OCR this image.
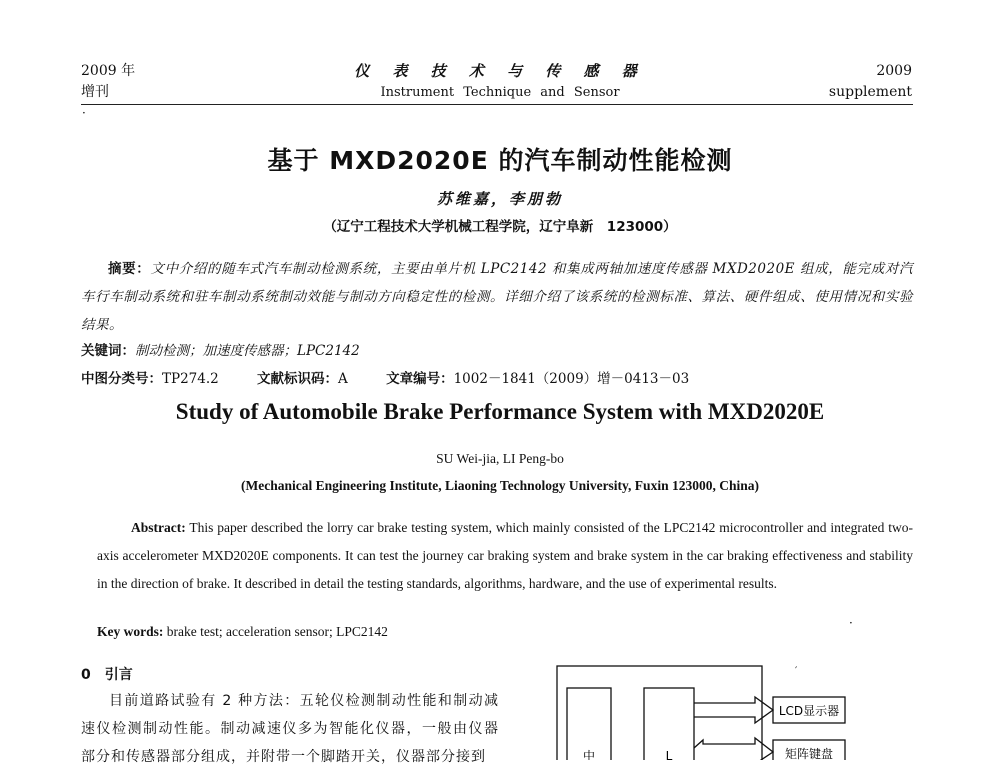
2009 年
增刊
仪 表 技 术 与 传 感 器
Instrument Technique and Sensor
2009
supplement
·
基于 MXD2020E 的汽车制动性能检测
苏维嘉，李朋勃
（辽宁工程技术大学机械工程学院，辽宁阜新　123000）

摘要：文中介绍的随车式汽车制动检测系统，主要由单片机 LPC2142 和集成两轴加速度传感器 MXD2020E 组成，能完成对汽车行车制动系统和驻车制动系统制动效能与制动方向稳定性的检测。详细介绍了该系统的检测标准、算法、硬件组成、使用情况和实验结果。

关键词：制动检测；加速度传感器；LPC2142
中图分类号：TP274.2	文献标识码：A	文章编号：1002－1841（2009）增－0413－03
Study of Automobile Brake Performance System with MXD2020E
SU Wei-jia, LI Peng-bo
(Mechanical Engineering Institute, Liaoning Technology University, Fuxin 123000, China)

Abstract: This paper described the lorry car brake testing system, which mainly consisted of the LPC2142 microcontroller and integrated two-axis accelerometer MXD2020E components. It can test the journey car braking system and brake system in the car braking effectiveness and stability in the direction of brake. It described in detail the testing standards, algorithms, hardware, and the use of experimental results.

Key words: brake test; acceleration sensor; LPC2142
·
0 引言

目前道路试验有 2 种方法：五轮仪检测制动性能和制动减速仪检测制动性能。制动减速仪多为智能化仪器，一般由仪器部分和传感器部分组成，并附带一个脚踏开关，仪器部分接到

LCD显示器
矩阵键盘
中	L
′
